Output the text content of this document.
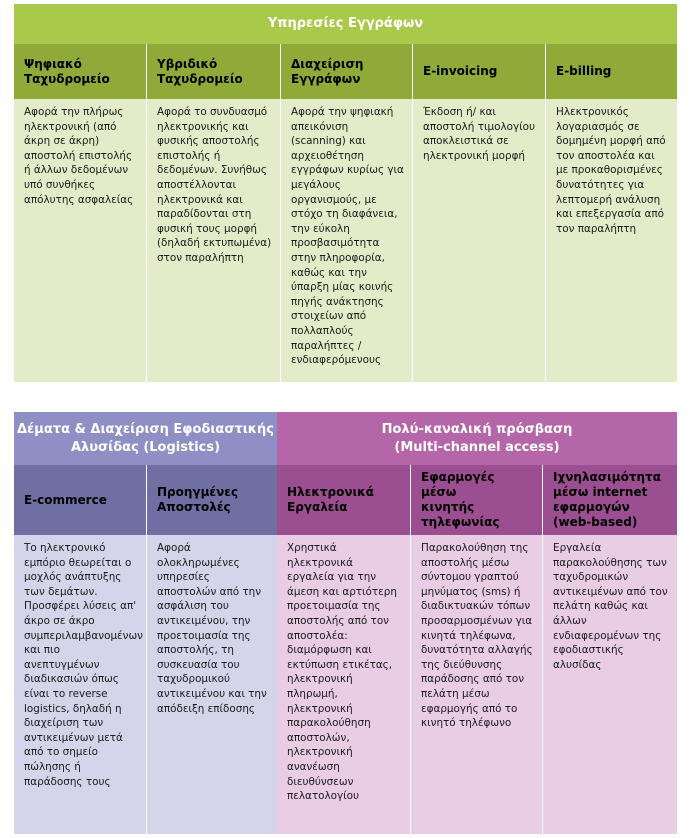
Υπηρεσίες Εγγράφων
Ψηφιακό
Ταχυδρομείο
Υβριδικό
Ταχυδρομείο
Διαχείριση
Εγγράφων
E-invoicing	E-billing
Αφορά την πλήρως ηλεκτρονική (από άκρη σε άκρη) αποστολή επιστολής ή άλλων δεδομένων υπό συνθήκες απόλυτης ασφαλείας
Αφορά το συνδυασμό ηλεκτρονικής και φυσικής αποστολής επιστολής ή δεδομένων. Συνήθως αποστέλλονται ηλεκτρονικά και παραδίδονται στη φυσική τους μορφή (δηλαδή εκτυπωμένα) στον παραλήπτη
Αφορά την ψηφιακή απεικόνιση (scanning) και αρχειοθέτηση εγγράφων κυρίως για μεγάλους οργανισμούς, με στόχο τη διαφάνεια, την εύκολη προσβασιμότητα στην πληροφορία, καθώς και την ύπαρξη μίας κοινής πηγής ανάκτησης στοιχείων από πολλαπλούς παραλήπτες / ενδιαφερόμενους
Έκδοση ή/ και αποστολή τιμολογίου αποκλειστικά σε ηλεκτρονική μορφή
Ηλεκτρονικός λογαριασμός σε δομημένη μορφή από τον αποστολέα και με προκαθορισμένες δυνατότητες για λεπτομερή ανάλυση και επεξεργασία από τον παραλήπτη
Δέματα & Διαχείριση Εφοδιαστικής
Αλυσίδας (Logistics)
Πολύ-καναλική πρόσβαση
(Multi-channel access)
E-commerce
Προηγμένες
Αποστολές
Ηλεκτρονικά
Εργαλεία
Εφαρμογές μέσω
κινητής
τηλεφωνίας
Ιχνηλασιμότητα
μέσω internet
εφαρμογών
(web-based)
Το ηλεκτρονικό εμπόριο θεωρείται ο μοχλός ανάπτυξης των δεμάτων.
Προσφέρει λύσεις απ' άκρο σε άκρο συμπεριλαμβανομένων και πιο ανεπτυγμένων διαδικασιών όπως είναι το reverse logistics, δηλαδή η διαχείριση των αντικειμένων μετά από το σημείο πώλησης ή παράδοσης τους
Αφορά ολοκληρωμένες υπηρεσίες αποστολών από την ασφάλιση του αντικειμένου, την προετοιμασία της αποστολής, τη συσκευασία του ταχυδρομικού αντικειμένου και την απόδειξη επίδοσης
Χρηστικά ηλεκτρονικά εργαλεία για την άμεση και αρτιότερη προετοιμασία της αποστολής από τον αποστολέα: διαμόρφωση και εκτύπωση ετικέτας, ηλεκτρονική πληρωμή, ηλεκτρονική παρακολούθηση αποστολών, ηλεκτρονική ανανέωση διευθύνσεων πελατολογίου
Παρακολούθηση της αποστολής μέσω σύντομου γραπτού μηνύματος (sms) ή διαδικτυακών τόπων προσαρμοσμένων για κινητά τηλέφωνα, δυνατότητα αλλαγής της διεύθυνσης παράδοσης από τον πελάτη μέσω εφαρμογής από το κινητό τηλέφωνο
Εργαλεία παρακολούθησης των ταχυδρομικών αντικειμένων από τον πελάτη καθώς και άλλων ενδιαφερομένων της εφοδιαστικής αλυσίδας
